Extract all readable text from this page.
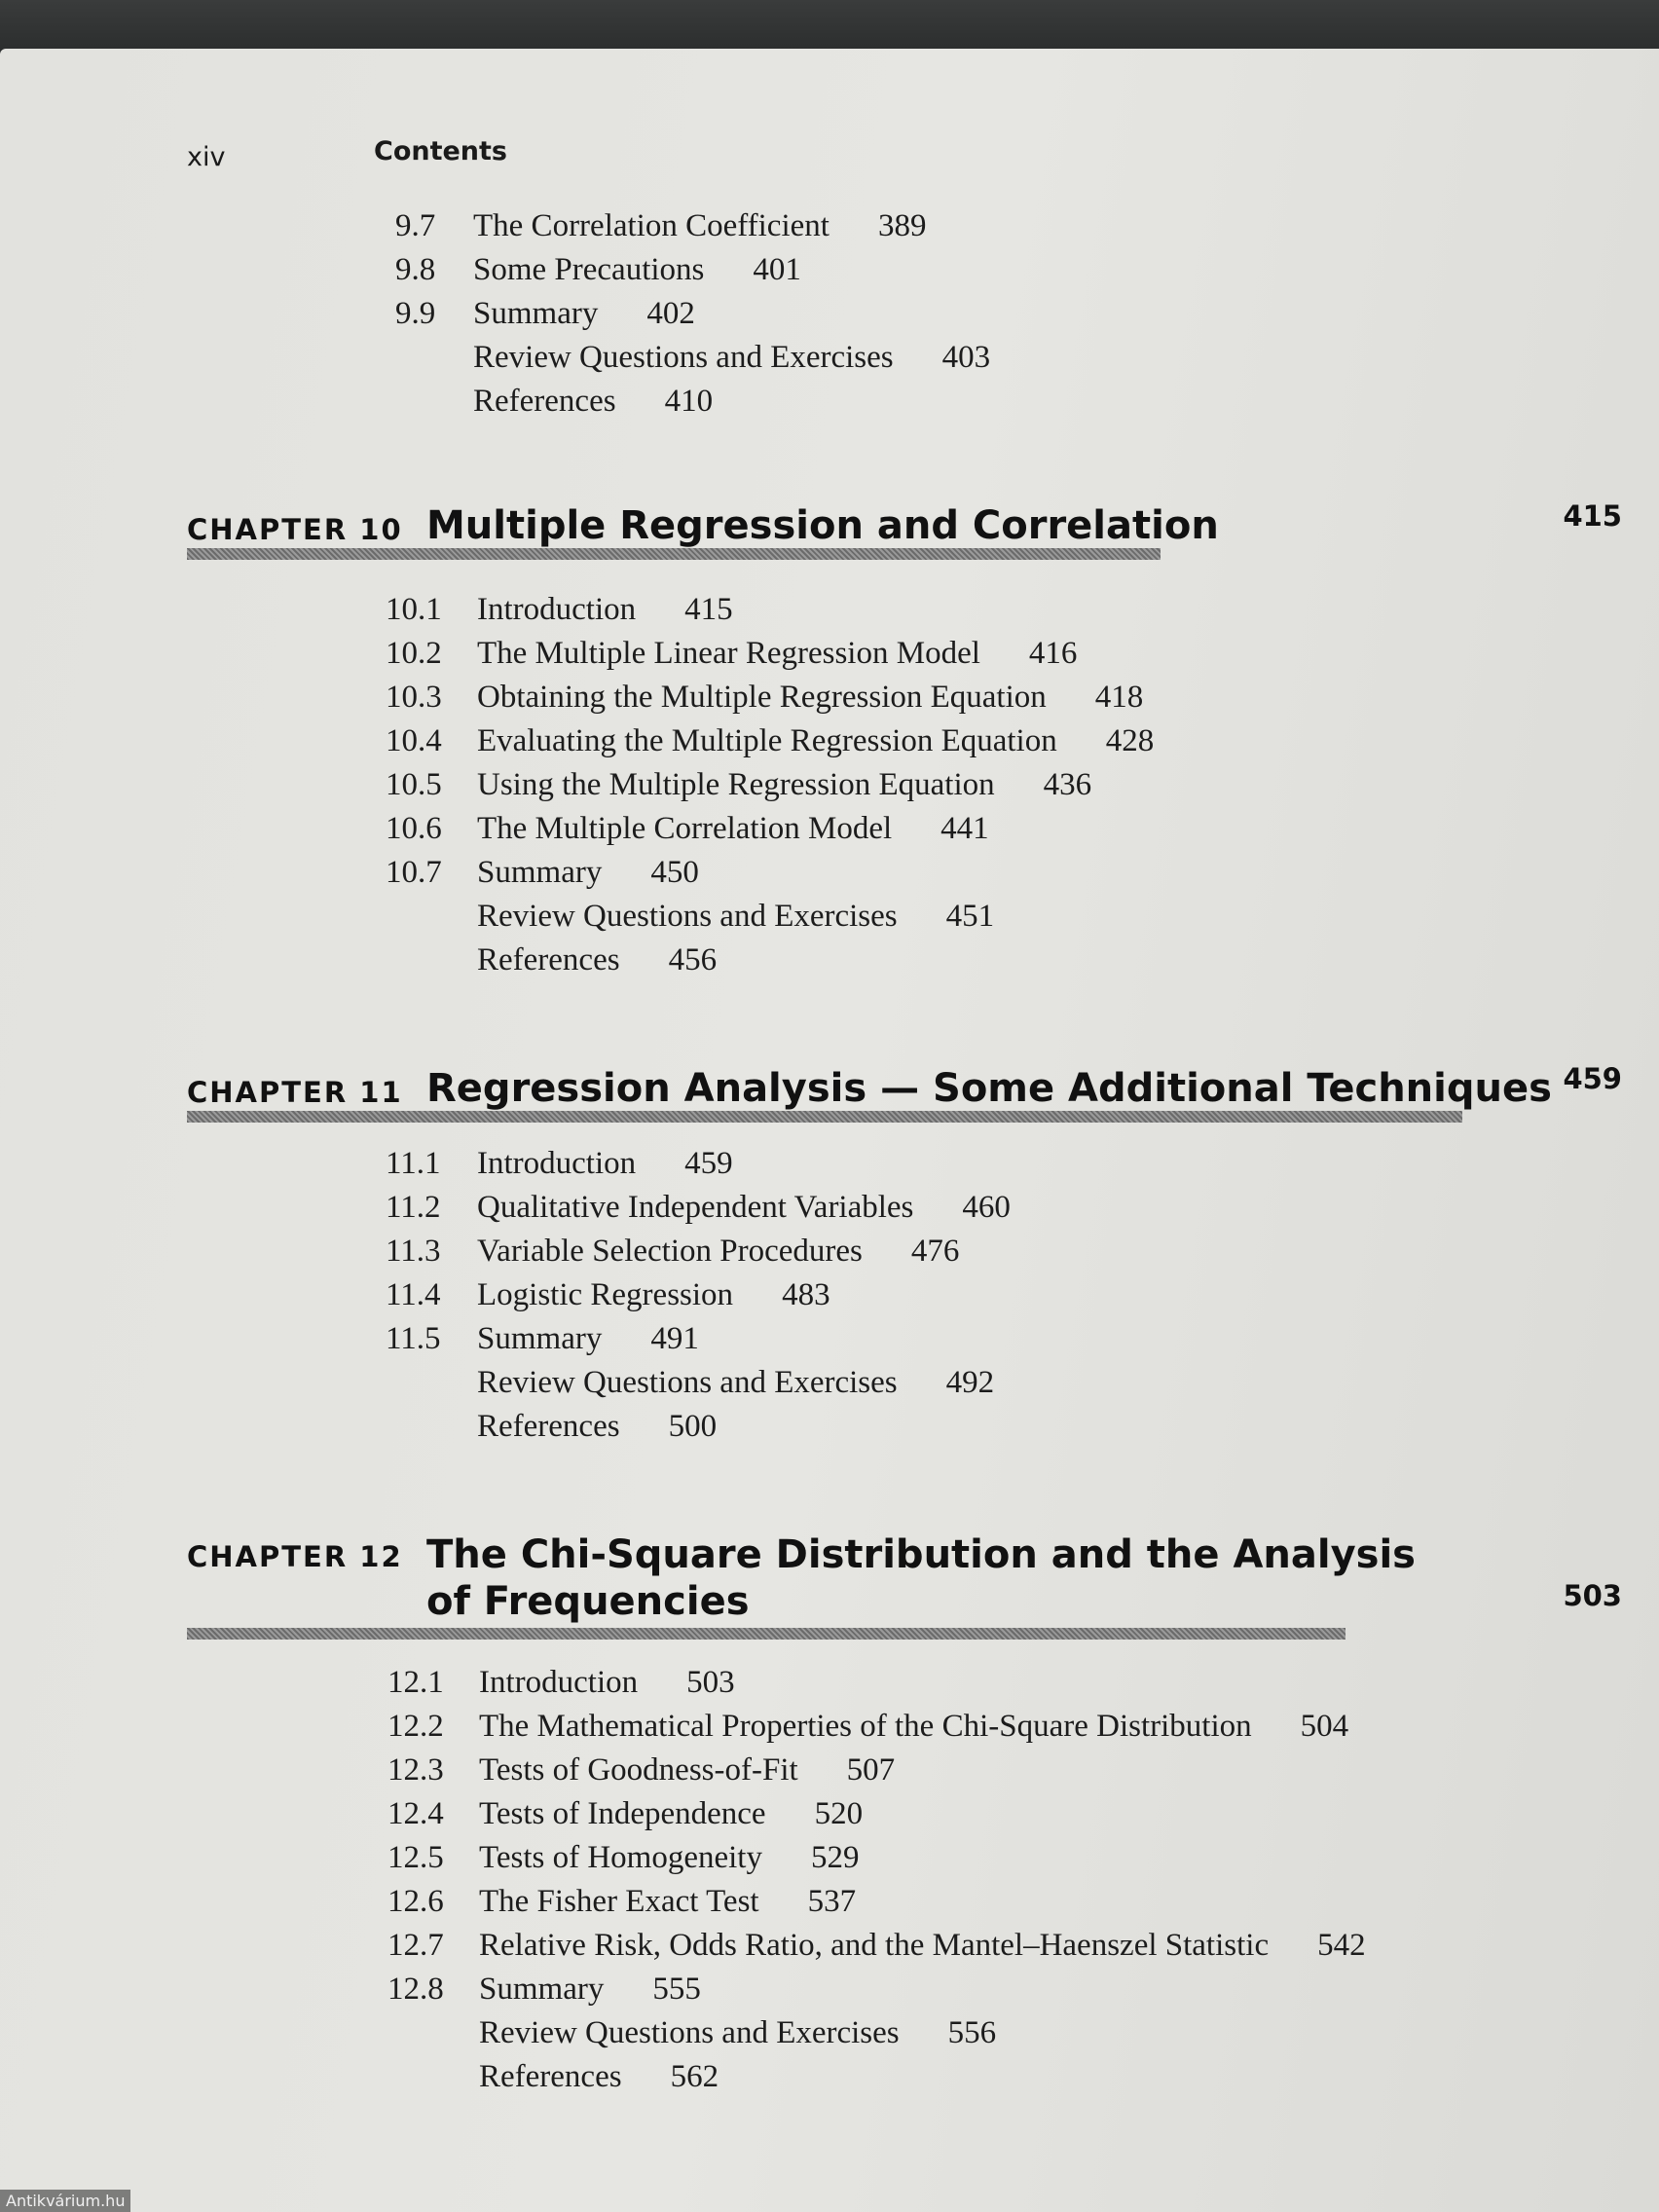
xiv	Contents
9.7	The Correlation Coefficient 389
9.8	Some Precautions 401
9.9	Summary 402
Review Questions and Exercises 403
References 410
CHAPTER 10 Multiple Regression and Correlation	415
10.1	Introduction 415
10.2	The Multiple Linear Regression Model 416
10.3	Obtaining the Multiple Regression Equation 418
10.4	Evaluating the Multiple Regression Equation 428
10.5	Using the Multiple Regression Equation 436
10.6	The Multiple Correlation Model 441
10.7	Summary 450
Review Questions and Exercises 451
References 456
CHAPTER 11 Regression Analysis — Some Additional Techniques 459
11.1	Introduction 459
11.2	Qualitative Independent Variables 460
11.3	Variable Selection Procedures 476
11.4	Logistic Regression 483
11.5	Summary 491
Review Questions and Exercises 492
References 500
CHAPTER 12 The Chi-Square Distribution and the Analysis
of Frequencies	503
12.1	Introduction 503
12.2	The Mathematical Properties of the Chi-Square Distribution 504
12.3	Tests of Goodness-of-Fit 507
12.4	Tests of Independence 520
12.5	Tests of Homogeneity 529
12.6	The Fisher Exact Test 537
12.7	Relative Risk, Odds Ratio, and the Mantel–Haenszel Statistic 542
12.8	Summary 555
Review Questions and Exercises 556
References 562
Antikvárium.hu
